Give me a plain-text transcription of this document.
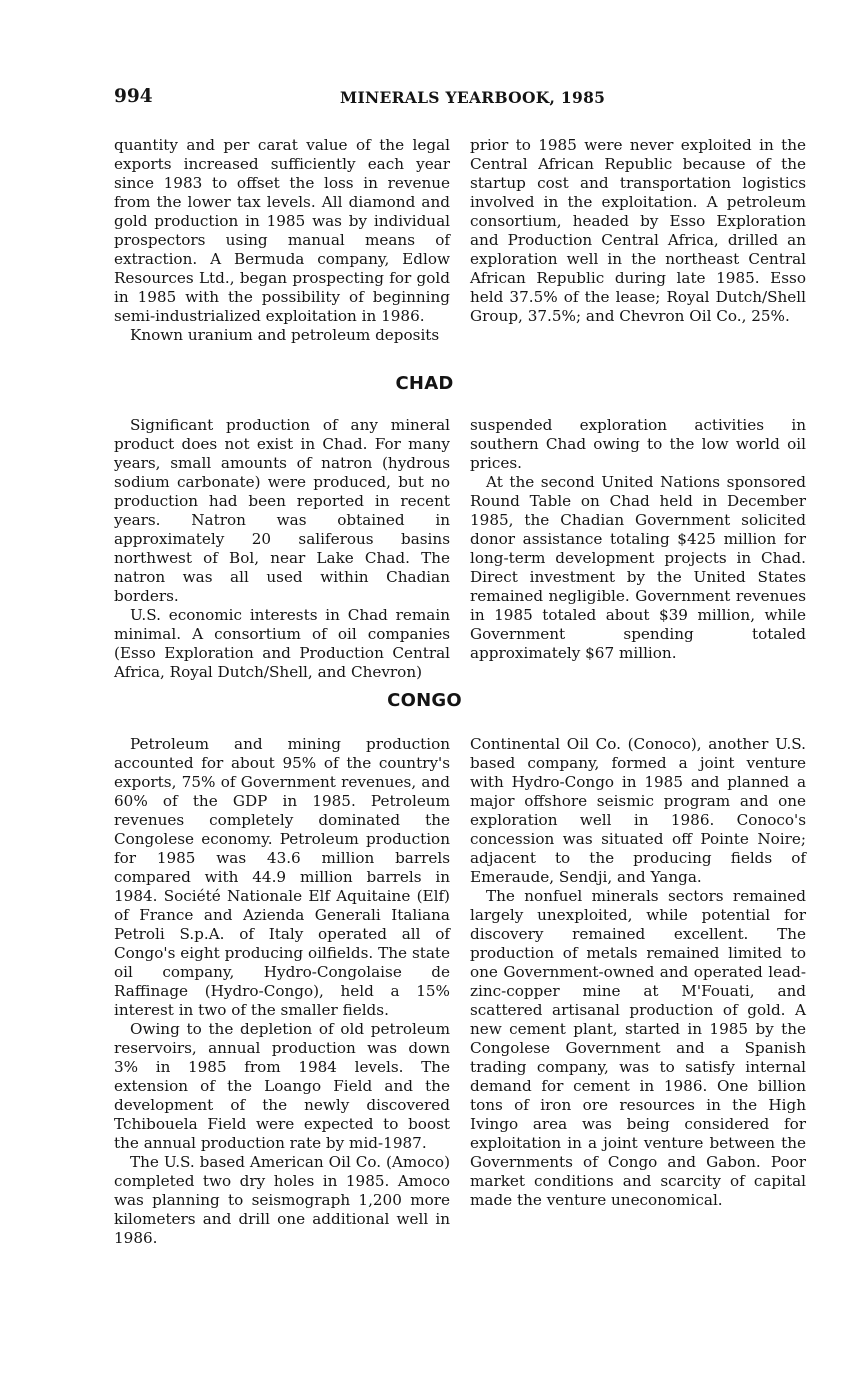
994	MINERALS YEARBOOK, 1985

quantity and per carat value of the legal exports increased sufficiently each year since 1983 to offset the loss in revenue from the lower tax levels. All diamond and gold production in 1985 was by individual prospectors using manual means of extraction. A Bermuda company, Edlow Resources Ltd., began prospecting for gold in 1985 with the possibility of beginning semi-industrialized exploitation in 1986.

Known uranium and petroleum deposits

prior to 1985 were never exploited in the Central African Republic because of the startup cost and transportation logistics involved in the exploitation. A petroleum consortium, headed by Esso Exploration and Production Central Africa, drilled an exploration well in the northeast Central African Republic during late 1985. Esso held 37.5% of the lease; Royal Dutch/Shell Group, 37.5%; and Chevron Oil Co., 25%.

CHAD

Significant production of any mineral product does not exist in Chad. For many years, small amounts of natron (hydrous sodium carbonate) were produced, but no production had been reported in recent years. Natron was obtained in approximately 20 saliferous basins northwest of Bol, near Lake Chad. The natron was all used within Chadian borders.

U.S. economic interests in Chad remain minimal. A consortium of oil companies (Esso Exploration and Production Central Africa, Royal Dutch/Shell, and Chevron)

suspended exploration activities in southern Chad owing to the low world oil prices.

At the second United Nations sponsored Round Table on Chad held in December 1985, the Chadian Government solicited donor assistance totaling $425 million for long-term development projects in Chad. Direct investment by the United States remained negligible. Government revenues in 1985 totaled about $39 million, while Government spending totaled approximately $67 million.

CONGO

Petroleum and mining production accounted for about 95% of the country's exports, 75% of Government revenues, and 60% of the GDP in 1985. Petroleum revenues completely dominated the Congolese economy. Petroleum production for 1985 was 43.6 million barrels compared with 44.9 million barrels in 1984. Société Nationale Elf Aquitaine (Elf) of France and Azienda Generali Italiana Petroli S.p.A. of Italy operated all of Congo's eight producing oilfields. The state oil company, Hydro-Congolaise de Raffinage (Hydro-Congo), held a 15% interest in two of the smaller fields.

Owing to the depletion of old petroleum reservoirs, annual production was down 3% in 1985 from 1984 levels. The extension of the Loango Field and the development of the newly discovered Tchibouela Field were expected to boost the annual production rate by mid-1987.

The U.S. based American Oil Co. (Amoco) completed two dry holes in 1985. Amoco was planning to seismograph 1,200 more kilometers and drill one additional well in 1986.

Continental Oil Co. (Conoco), another U.S. based company, formed a joint venture with Hydro-Congo in 1985 and planned a major offshore seismic program and one exploration well in 1986. Conoco's concession was situated off Pointe Noire; adjacent to the producing fields of Emeraude, Sendji, and Yanga.

The nonfuel minerals sectors remained largely unexploited, while potential for discovery remained excellent. The production of metals remained limited to one Government-owned and operated lead-zinc-copper mine at M'Fouati, and scattered artisanal production of gold. A new cement plant, started in 1985 by the Congolese Government and a Spanish trading company, was to satisfy internal demand for cement in 1986. One billion tons of iron ore resources in the High Ivingo area was being considered for exploitation in a joint venture between the Governments of Congo and Gabon. Poor market conditions and scarcity of capital made the venture uneconomical.
